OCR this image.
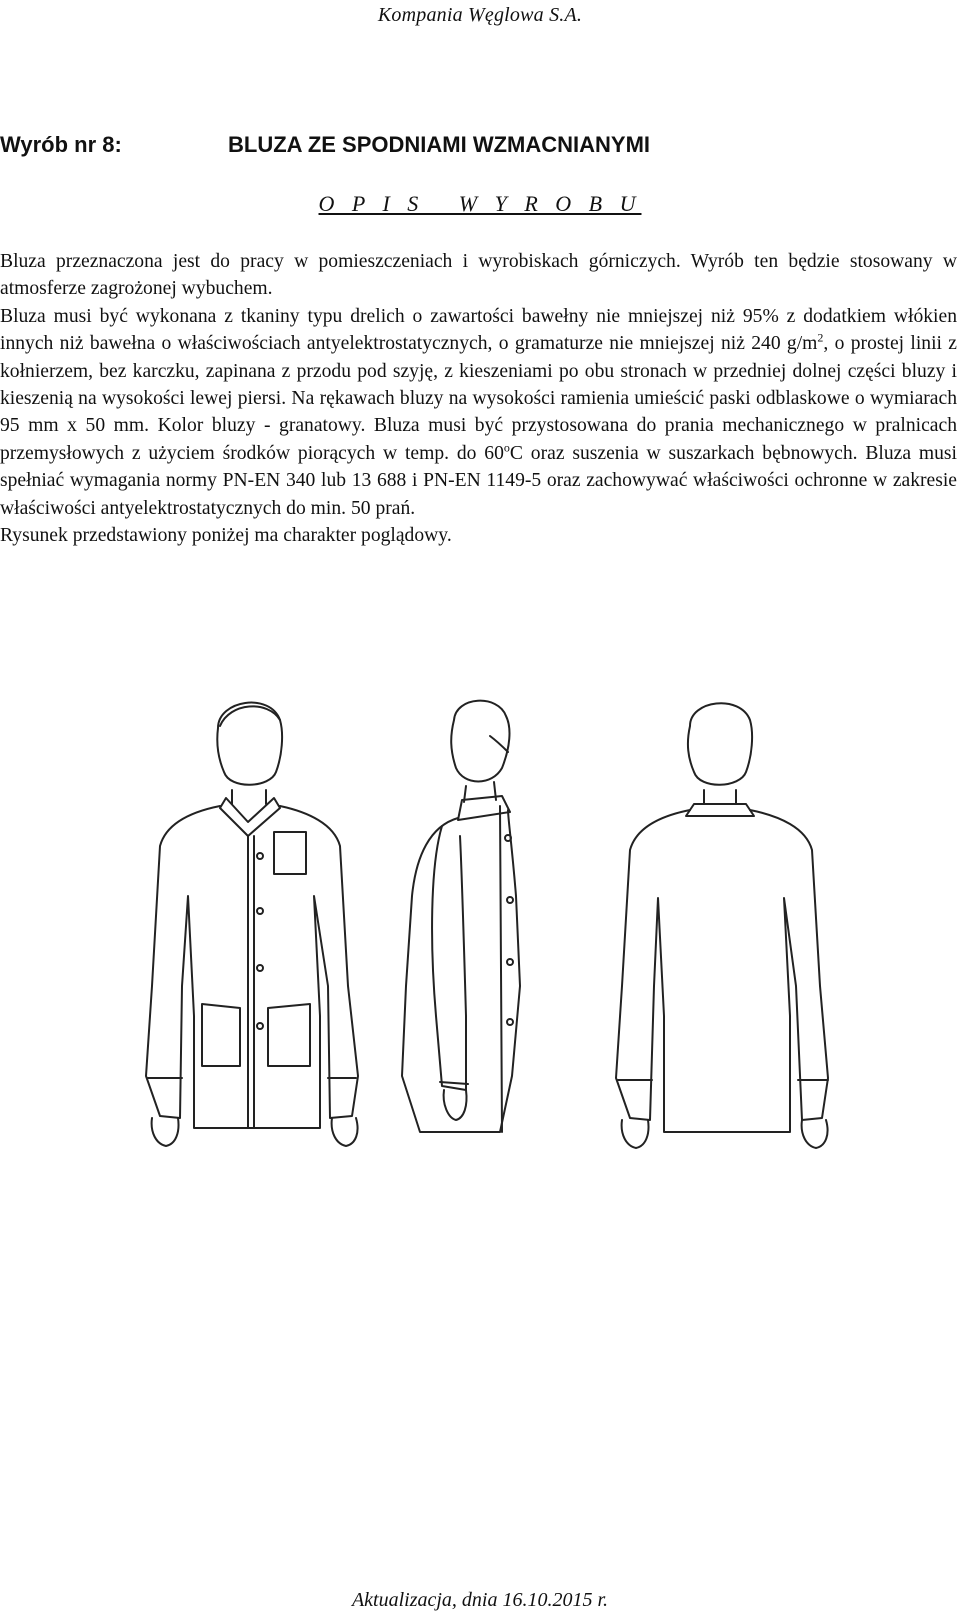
Kompania Węglowa S.A.
Wyrób nr 8:	BLUZA ZE SPODNIAMI WZMACNIANYMI
O P I S   W Y R O B U

Bluza przeznaczona jest do pracy w pomieszczeniach i wyrobiskach górniczych. Wyrób ten będzie stosowany w atmosferze zagrożonej wybuchem.

Bluza musi być wykonana z tkaniny typu drelich o zawartości bawełny nie mniejszej niż 95% z dodatkiem włókien innych niż bawełna o właściwościach antyelektrostatycznych, o gramaturze nie mniejszej niż 240 $g/m^2$, o prostej linii z kołnierzem, bez karczku, zapinana z przodu pod szyję, z kieszeniami po obu stronach w przedniej dolnej części bluzy i kieszenią na wysokości lewej piersi. Na rękawach bluzy na wysokości ramienia umieścić paski odblaskowe o wymiarach 95 mm x 50 mm. Kolor bluzy - granatowy. Bluza musi być przystosowana do prania mechanicznego w pralnicach przemysłowych z użyciem środków piorących w temp. do 60$^o$C oraz suszenia w suszarkach bębnowych. Bluza musi spełniać wymagania normy PN-EN 340 lub 13 688 i PN-EN 1149-5 oraz zachowywać właściwości ochronne w zakresie właściwości antyelektrostatycznych do min. 50 prań.

Rysunek przedstawiony poniżej ma charakter poglądowy.

Aktualizacja, dnia 16.10.2015 r.
